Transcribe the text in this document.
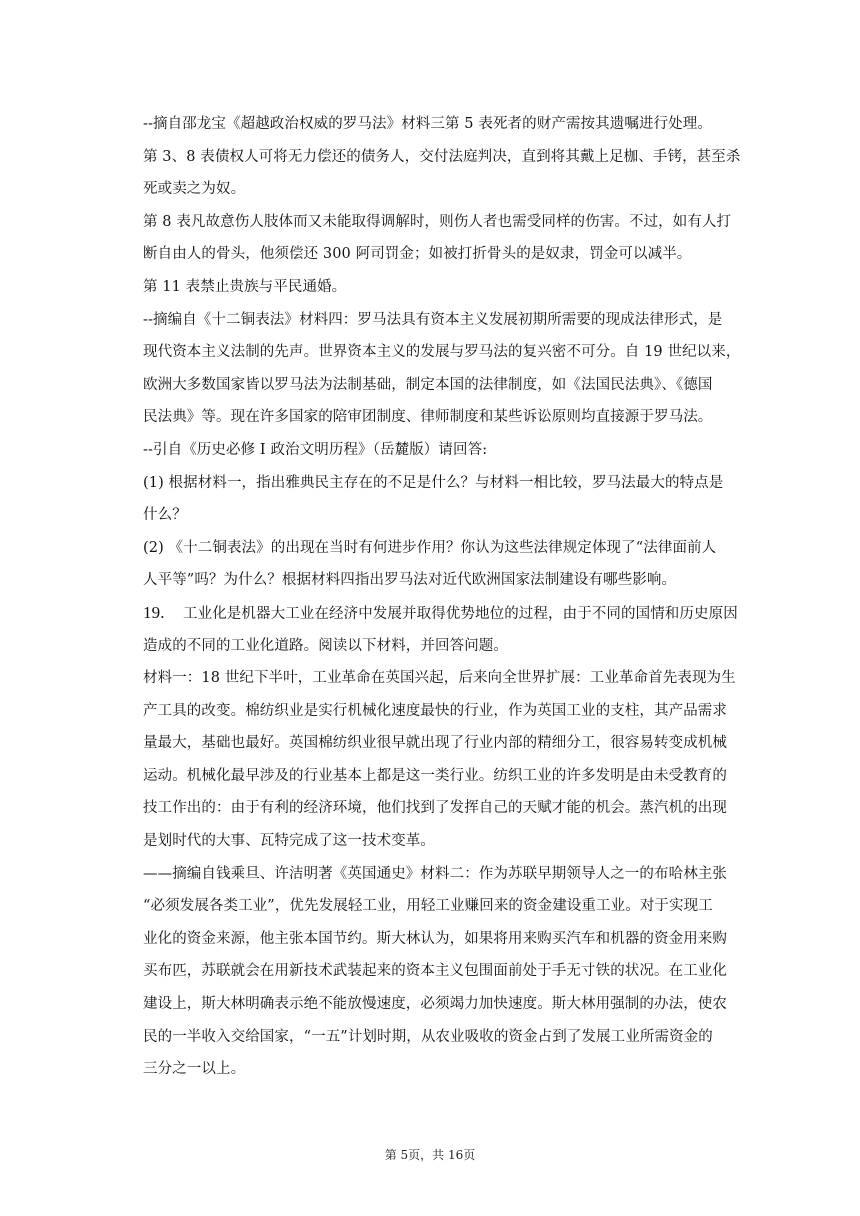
--摘自邵龙宝《超越政治权威的罗马法》材料三第 5 表死者的财产需按其遗嘱进行处理。
第 3、8 表债权人可将无力偿还的债务人，交付法庭判决，直到将其戴上足枷、手铐，甚至杀
死或卖之为奴。
第 8 表凡故意伤人肢体而又未能取得调解时，则伤人者也需受同样的伤害。不过，如有人打
断自由人的骨头，他须偿还 300 阿司罚金；如被打折骨头的是奴隶，罚金可以减半。
第 11 表禁止贵族与平民通婚。
--摘编自《十二铜表法》材料四：罗马法具有资本主义发展初期所需要的现成法律形式，是
现代资本主义法制的先声。世界资本主义的发展与罗马法的复兴密不可分。自 19 世纪以来，
欧洲大多数国家皆以罗马法为法制基础，制定本国的法律制度，如《法国民法典》、《德国
民法典》等。现在许多国家的陪审团制度、律师制度和某些诉讼原则均直接源于罗马法。
--引自《历史必修 I 政治文明历程》（岳麓版）请回答:
(1) 根据材料一，指出雅典民主存在的不足是什么？与材料一相比较，罗马法最大的特点是
什么？
(2) 《十二铜表法》的出现在当时有何进步作用？你认为这些法律规定体现了“法律面前人
人平等”吗？为什么？根据材料四指出罗马法对近代欧洲国家法制建设有哪些影响。
19. 工业化是机器大工业在经济中发展并取得优势地位的过程，由于不同的国情和历史原因
造成的不同的工业化道路。阅读以下材料，并回答问题。
材料一：18 世纪下半叶，工业革命在英国兴起，后来向全世界扩展：工业革命首先表现为生
产工具的改变。棉纺织业是实行机械化速度最快的行业，作为英国工业的支柱，其产品需求
量最大，基础也最好。英国棉纺织业很早就出现了行业内部的精细分工，很容易转变成机械
运动。机械化最早涉及的行业基本上都是这一类行业。纺织工业的许多发明是由未受教育的
技工作出的：由于有利的经济环境，他们找到了发挥自己的天赋才能的机会。蒸汽机的出现
是划时代的大事、瓦特完成了这一技术变革。
——摘编自钱乘旦、许洁明著《英国通史》材料二：作为苏联早期领导人之一的布哈林主张
“必须发展各类工业”，优先发展轻工业，用轻工业赚回来的资金建设重工业。对于实现工
业化的资金来源，他主张本国节约。斯大林认为，如果将用来购买汽车和机器的资金用来购
买布匹，苏联就会在用新技术武装起来的资本主义包围面前处于手无寸铁的状况。在工业化
建设上，斯大林明确表示绝不能放慢速度，必须竭力加快速度。斯大林用强制的办法，使农
民的一半收入交给国家，“一五”计划时期，从农业吸收的资金占到了发展工业所需资金的
三分之一以上。
第 5页，共 16页
